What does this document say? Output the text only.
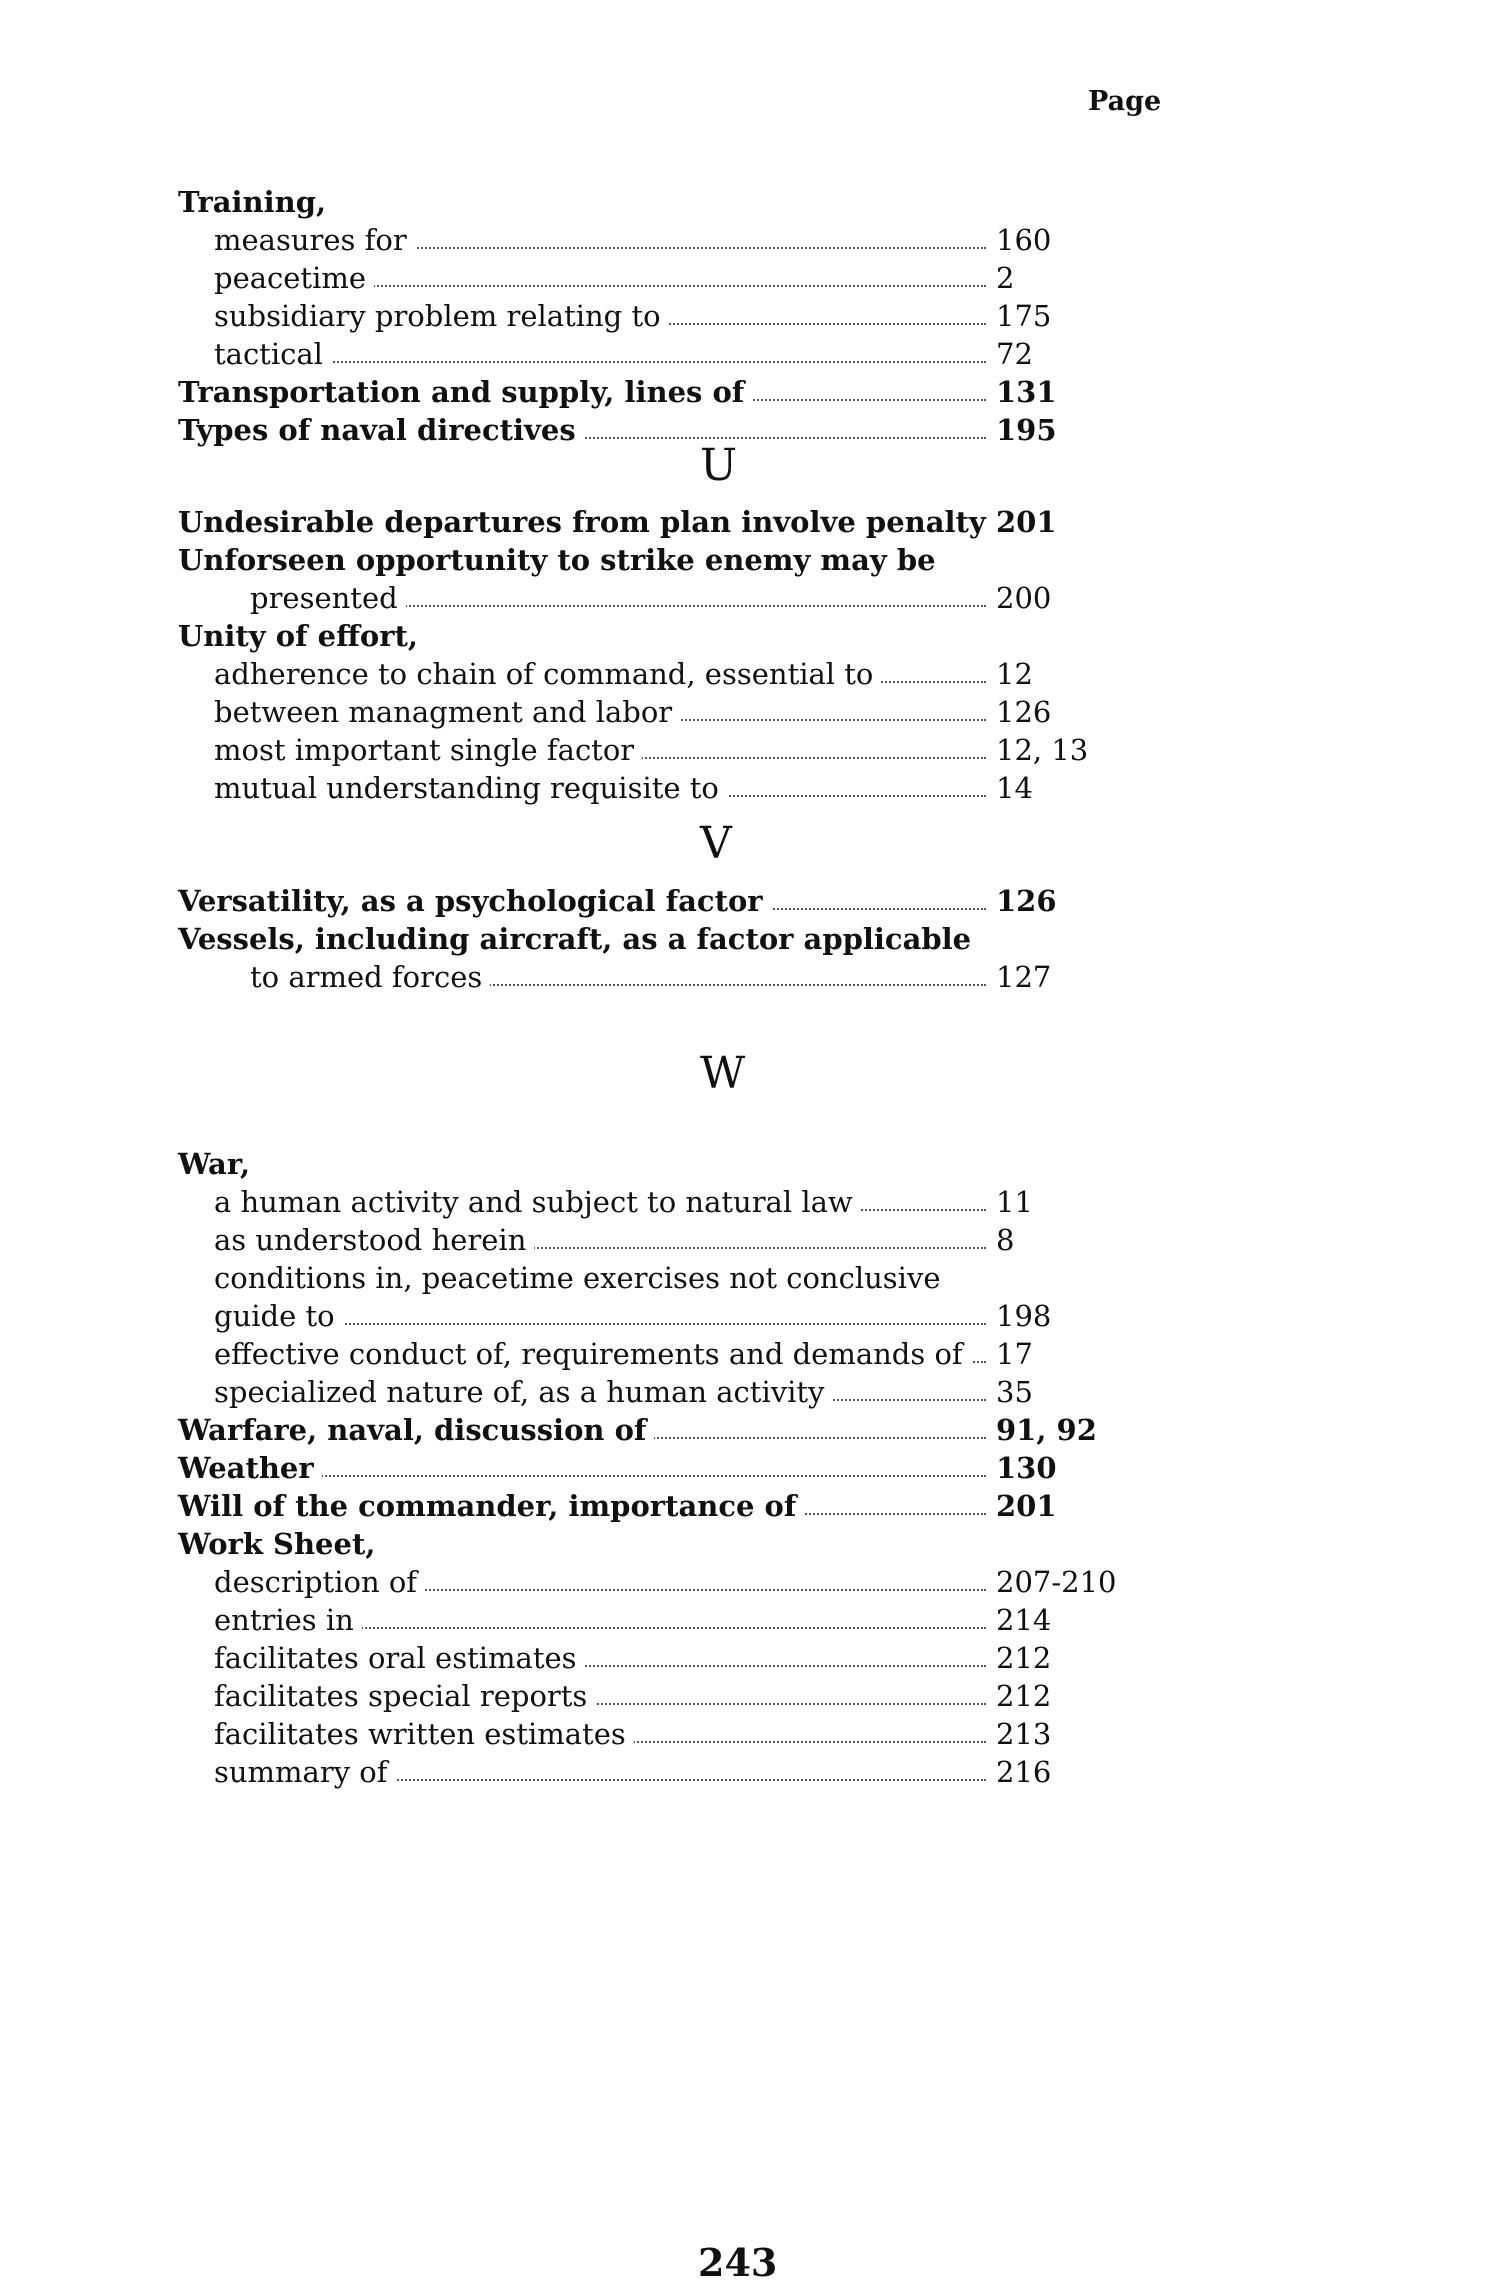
Page
Training,
160
measures for
2
peacetime
175
subsidiary problem relating to
72
tactical
131
Transportation and supply, lines of
195
Types of naval directives
U
201
Undesirable departures from plan involve penalty
Unforseen opportunity to strike enemy may be
200
presented
Unity of effort,
12
adherence to chain of command, essential to
126
between managment and labor
12, 13
most important single factor
14
mutual understanding requisite to
V
126
Versatility, as a psychological factor
Vessels, including aircraft, as a factor applicable
127
to armed forces
W
War,
11
a human activity and subject to natural law
8
as understood herein
conditions in, peacetime exercises not conclusive
198
guide to
17
effective conduct of, requirements and demands of
35
specialized nature of, as a human activity
91, 92
Warfare, naval, discussion of
130
Weather
201
Will of the commander, importance of
Work Sheet,
207-210
description of
214
entries in
212
facilitates oral estimates
212
facilitates special reports
213
facilitates written estimates
216
summary of
243
